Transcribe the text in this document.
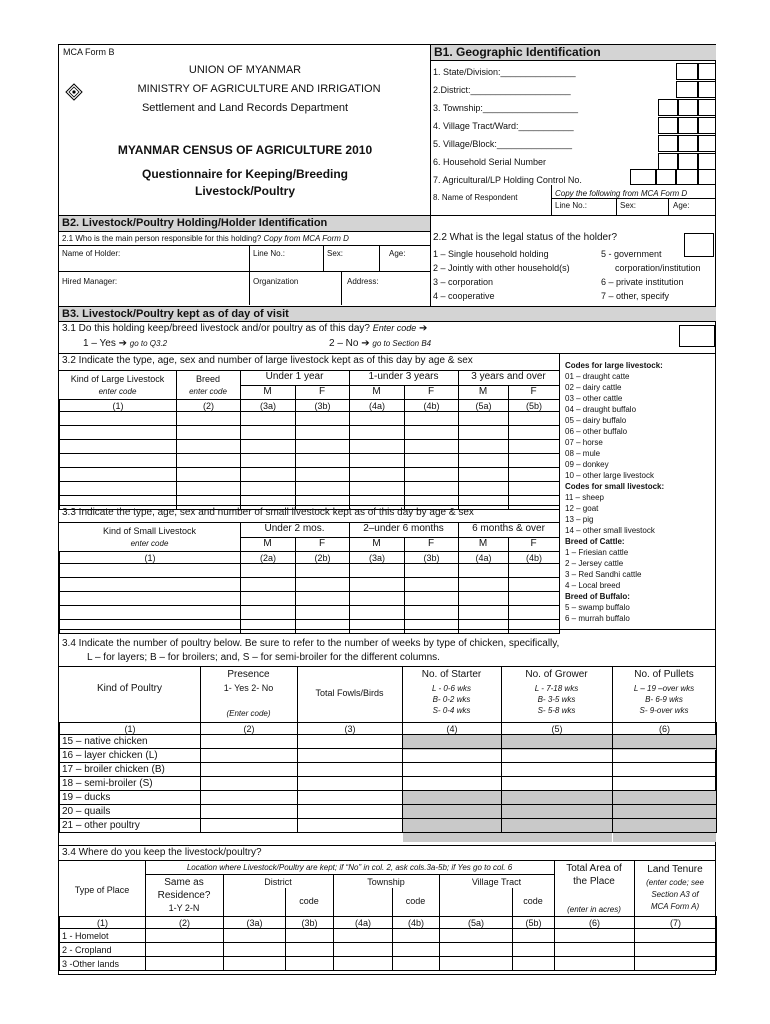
MCA Form B
UNION OF MYANMAR
MINISTRY OF AGRICULTURE AND IRRIGATION
Settlement and Land Records Department
MYANMAR CENSUS OF AGRICULTURE 2010
Questionnaire for Keeping/Breeding
Livestock/Poultry
B1. Geographic Identification
1. State/Division:_______________
2.District:____________________
3. Township:___________________
4. Village Tract/Ward:___________
5. Village/Block:_______________
6. Household Serial Number
7. Agricultural/LP Holding Control No.
8. Name of Respondent	Copy the following from MCA Form D
Line No.:	Sex:	Age:
B2. Livestock/Poultry Holding/Holder Identification
2.1 Who is the main person responsible for this holding? Copy from MCA Form D
Name of Holder:	Line No.:	Sex:	Age:
Hired Manager:	Organization	Address:
2.2 What is the legal status of the holder?
1 – Single household holding	5 - government
2 – Jointly with other household(s)	corporation/institution
3 – corporation	6 – private institution
4 – cooperative	7 – other, specify
B3. Livestock/Poultry kept as of day of visit
3.1 Do this holding keep/breed livestock and/or poultry as of this day? Enter code ➔
1 – Yes ➔ go to Q3.2	2 – No ➔ go to Section B4
3.2 Indicate the type, age, sex and number of large livestock kept as of this day by age & sex
Kind of Large Livestock
enter code
Breed
enter code
Under 1 year	1-under 3 years	3 years and over
M	F	M	F	M	F
(1)	(2)	(3a)	(3b)	(4a)	(4b)	(5a)	(5b)

3.3 Indicate the type, age, sex and number of small livestock kept as of this day by age & sex
Kind of Small Livestock
enter code
Under 2 mos.	2–under 6 months	6 months & over
M	F	M	F	M	F
(1)	(2a)	(2b)	(3a)	(3b)	(4a)	(4b)

Codes for large livestock:
01 – draught catte
02 – dairy cattle
03 – other cattle
04 – draught buffalo
05 – dairy buffalo
06 – other buffalo
07 – horse
08 – mule
09 – donkey
10 – other large livestock
Codes for small livestock:
11 – sheep
12 – goat
13 – pig
14 – other small livestock
Breed of Cattle:
1 – Friesian cattle
2 – Jersey cattle
3 – Red Sandhi cattle
4 – Local breed
Breed of Buffalo:
5 – swamp buffalo
6 – murrah buffalo
3.4 Indicate the number of poultry below. Be sure to refer to the number of weeks by type of chicken, specifically,
L – for layers; B – for broilers; and, S – for semi-broiler for the different columns.
Kind of Poultry
Presence
1- Yes 2- No
(Enter code)
Total Fowls/Birds
No. of Starter
L - 0-6 wks
B- 0-2 wks
S- 0-4 wks
No. of Grower
L - 7-18 wks
B- 3-5 wks
S- 5-8 wks
No. of Pullets
L – 19 –over wks
B- 6-9 wks
S- 9-over wks
(1)	(2)	(3)	(4)	(5)	(6)
15 – native chicken					
16 – layer chicken (L)					
17 – broiler chicken (B)					
18 – semi-broiler (S)					
19 – ducks					
20 – quails					
21 – other poultry					
3.4 Where do you keep the livestock/poultry?
Location where Livestock/Poultry are kept; if “No” in col. 2, ask cols.3a-5b; if Yes go to col. 6
Type of Place
Same as
Residence?
1-Y 2-N
District	Township	Village Tract
code	code	code
Total Area of
the Place
(enter in acres)
Land Tenure
(enter code; see
Section A3 of
MCA Form A)
(1)	(2)	(3a)	(3b)	(4a)	(4b)	(5a)	(5b)	(6)	(7)
1 - Homelot									
2 - Cropland									
3 -Other lands									
